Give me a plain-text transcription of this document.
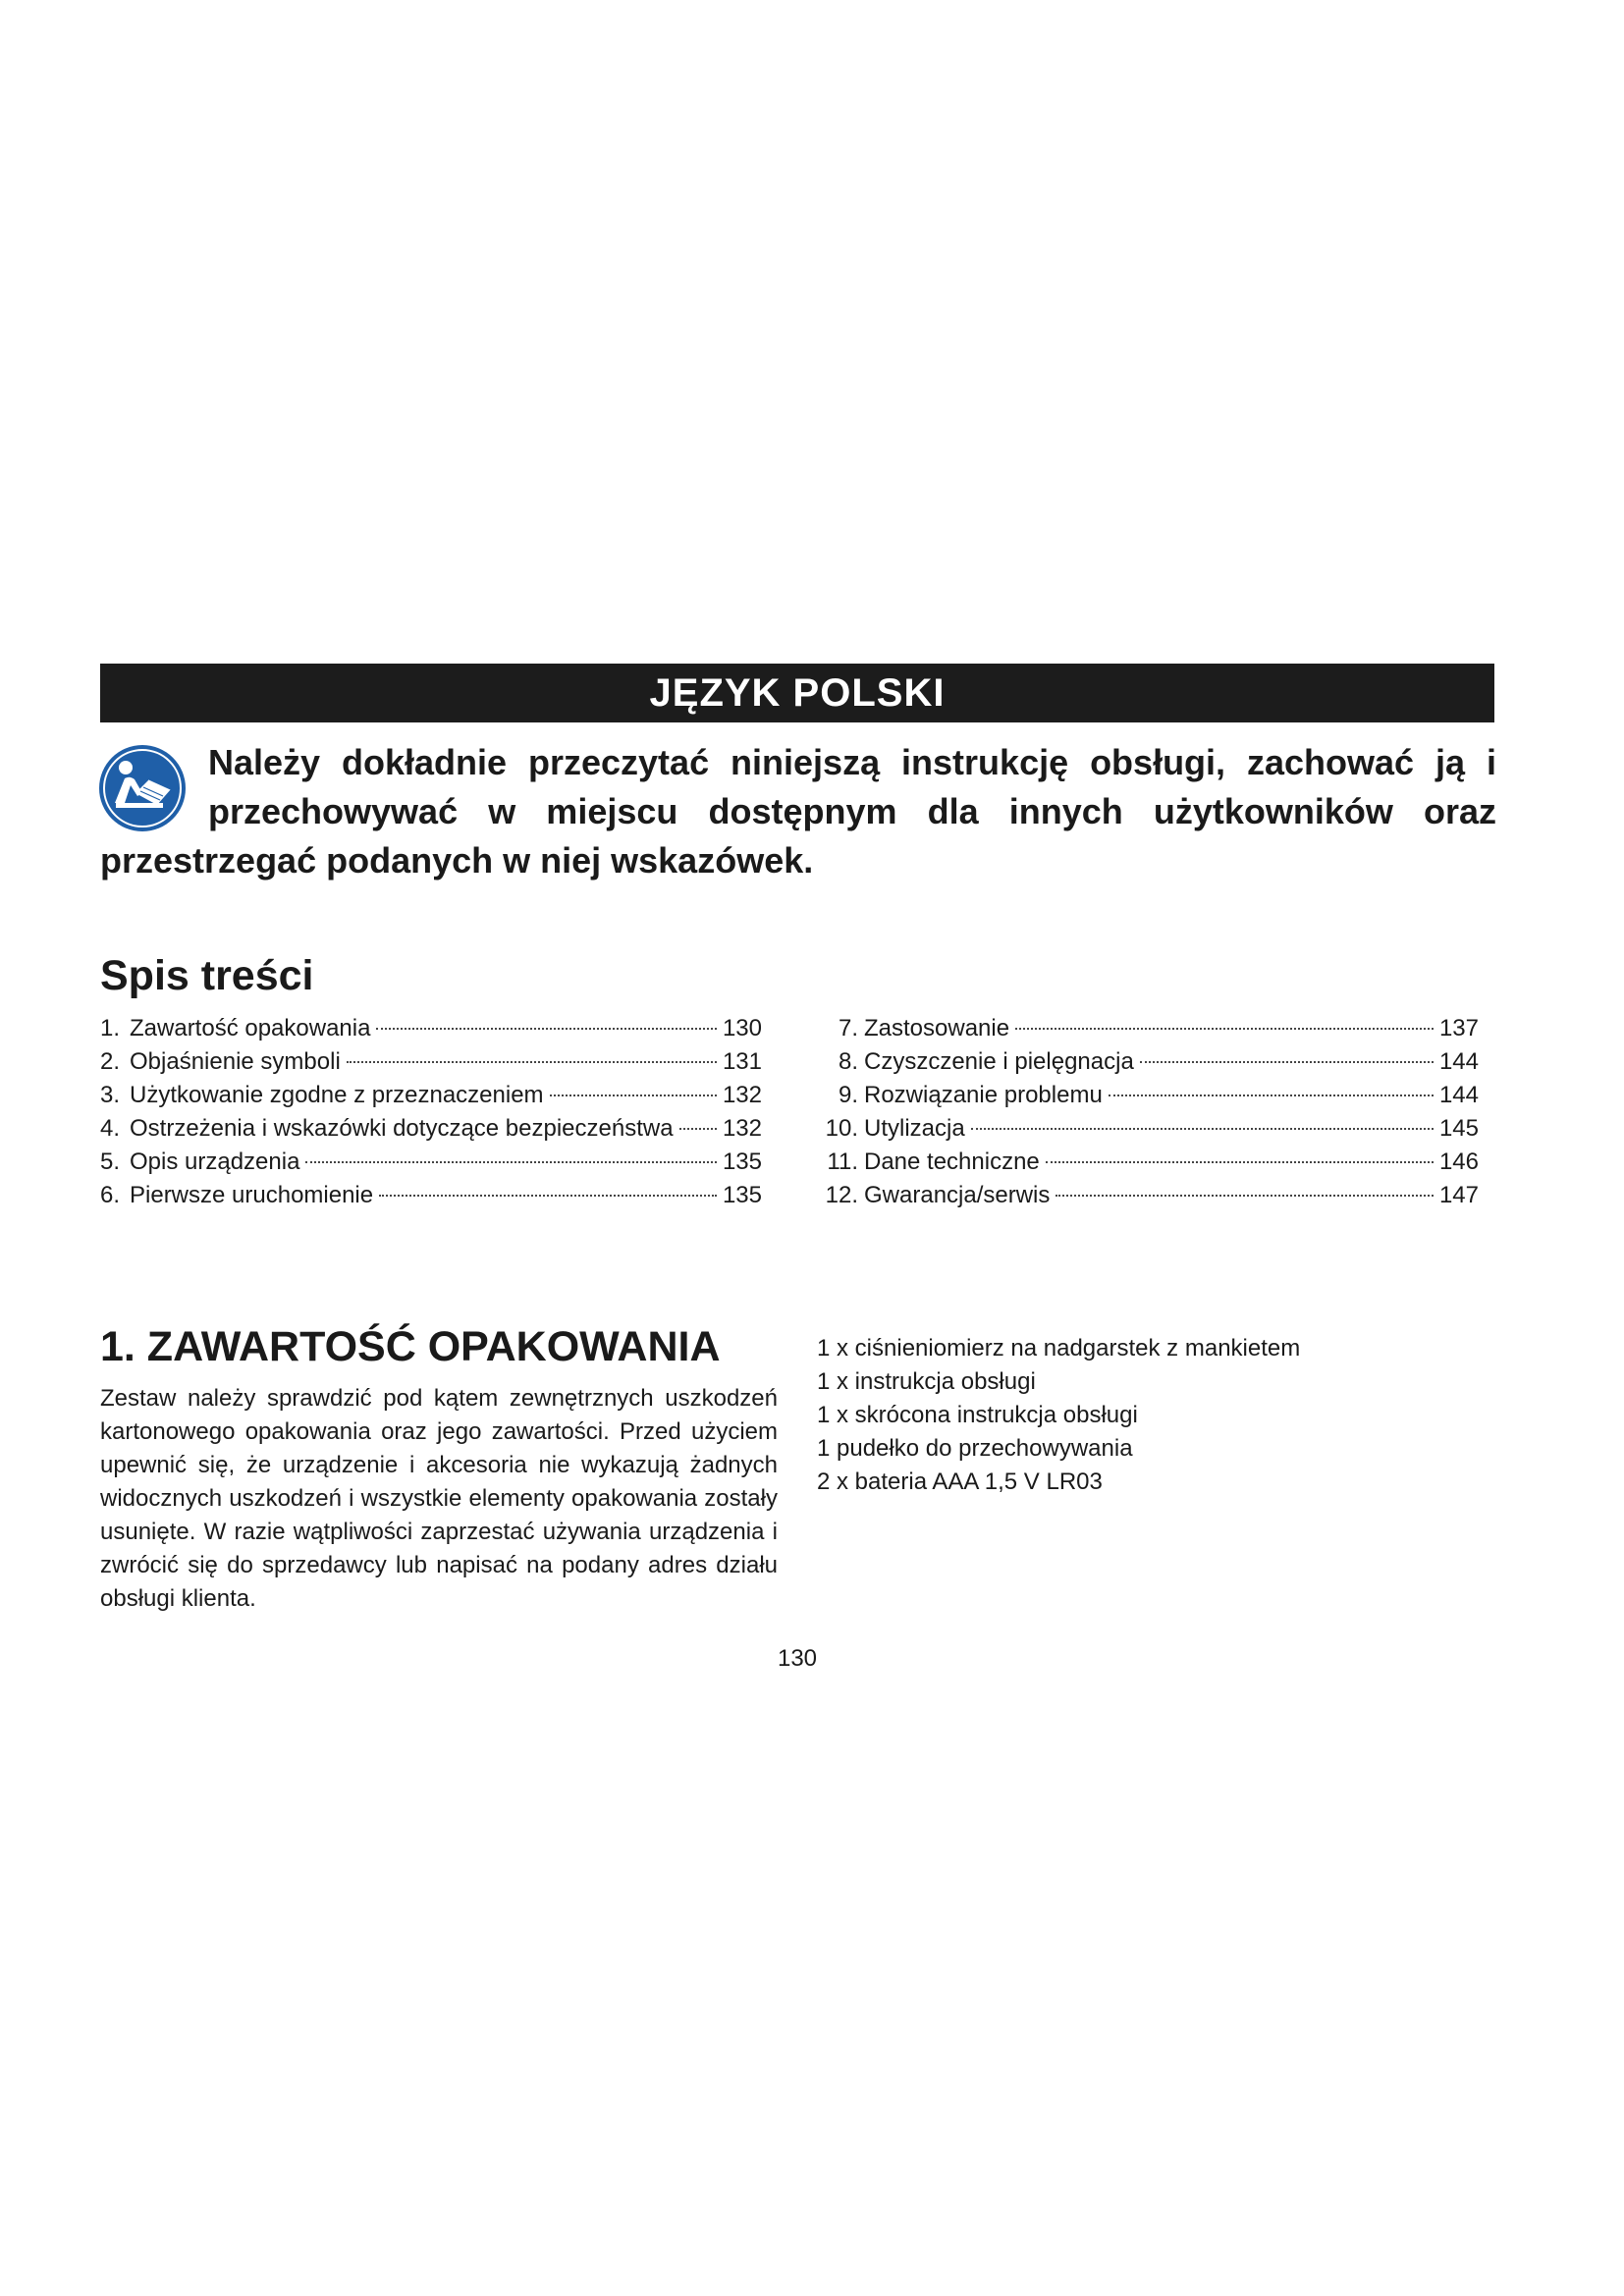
JĘZYK POLSKI

Należy dokładnie przeczytać niniejszą instrukcję obsługi, zachować ją i przechowywać w miejscu dostępnym dla innych użytkowników oraz przestrzegać podanych w niej wskazówek.

Spis treści
1. Zawartość opakowania	130
2. Objaśnienie symboli	131
3. Użytkowanie zgodne z przeznaczeniem	132
4. Ostrzeżenia i wskazówki dotyczące bezpieczeństwa 132
5. Opis urządzenia	135
6. Pierwsze uruchomienie	135
7. Zastosowanie	137
8. Czyszczenie i pielęgnacja	144
9. Rozwiązanie problemu	144
10. Utylizacja	145
11. Dane techniczne	146
12. Gwarancja/serwis	147
1. ZAWARTOŚĆ OPAKOWANIA

Zestaw należy sprawdzić pod kątem zewnętrznych uszkodzeń kartonowego opakowania oraz jego zawartości. Przed użyciem upewnić się, że urządzenie i akcesoria nie wykazują żadnych widocznych uszkodzeń i wszystkie elementy opakowania zostały usunięte. W razie wątpliwości zaprzestać używania urządzenia i zwrócić się do sprzedawcy lub napisać na podany adres działu obsługi klienta.

1 x ciśnieniomierz na nadgarstek z mankietem
1 x instrukcja obsługi
1 x skrócona instrukcja obsługi
1 pudełko do przechowywania
2 x bateria AAA 1,5 V LR03
130
